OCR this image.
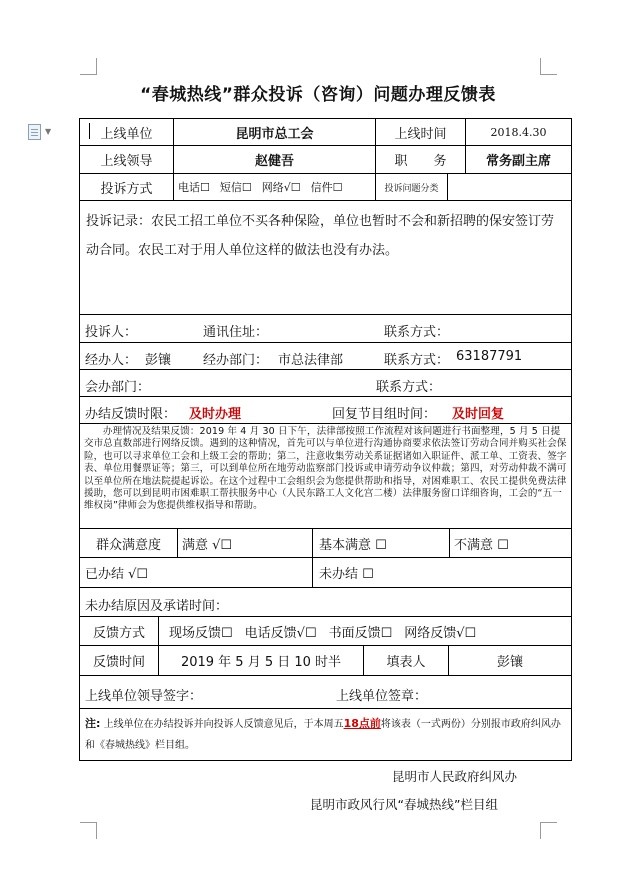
▼
“春城热线”群众投诉（咨询）问题办理反馈表
上线单位	昆明市总工会	上线时间	2018.4.30
上线领导	赵健吾	职　　务	常务副主席
投诉方式	电话☐ 短信☐ 网络√☐ 信件☐	投诉问题分类
投诉记录：农民工招工单位不买各种保险，单位也暂时不会和新招聘的保安签订劳动合同。农民工对于用人单位这样的做法也没有办法。
投诉人：	通讯住址：	联系方式：
经办人： 彭镶 经办部门： 市总法律部	联系方式： 63187791
会办部门：	联系方式：
办结反馈时限： 及时办理	回复节目组时间： 及时回复
办理情况及结果反馈：2019 年 4 月 30 日下午，法律部按照工作流程对该问题进行书面整理，5 月 5 日提交市总直数部进行网络反馈。遇到的这种情况，首先可以与单位进行沟通协商要求依法签订劳动合同并购买社会保险，也可以寻求单位工会和上级工会的帮助；第二，注意收集劳动关系证据诸如入职证件、派工单、工资表、签字表、单位用餐票证等；第三，可以到单位所在地劳动监察部门投诉或申请劳动争议仲裁；第四，对劳动仲裁不满可以至单位所在地法院提起诉讼。在这个过程中工会组织会为您提供帮助和指导，对困难职工、农民工提供免费法律援助，您可以到昆明市困难职工帮扶服务中心（人民东路工人文化宫二楼）法律服务窗口详细咨询，工会的“五一维权岗”律师会为您提供维权指导和帮助。
群众满意度	满意 √☐	基本满意 ☐	不满意 ☐
已办结 √☐	未办结 ☐
未办结原因及承诺时间：
反馈方式	现场反馈☐ 电话反馈√☐ 书面反馈☐ 网络反馈√☐
反馈时间	2019 年 5 月 5 日 10 时半	填表人	彭镶
上线单位领导签字：	上线单位签章：
注: 上线单位在办结投诉并向投诉人反馈意见后，于本周五18点前将该表（一式两份）分别报市政府纠风办和《春城热线》栏目组。
昆明市人民政府纠风办
昆明市政风行风“春城热线”栏目组
